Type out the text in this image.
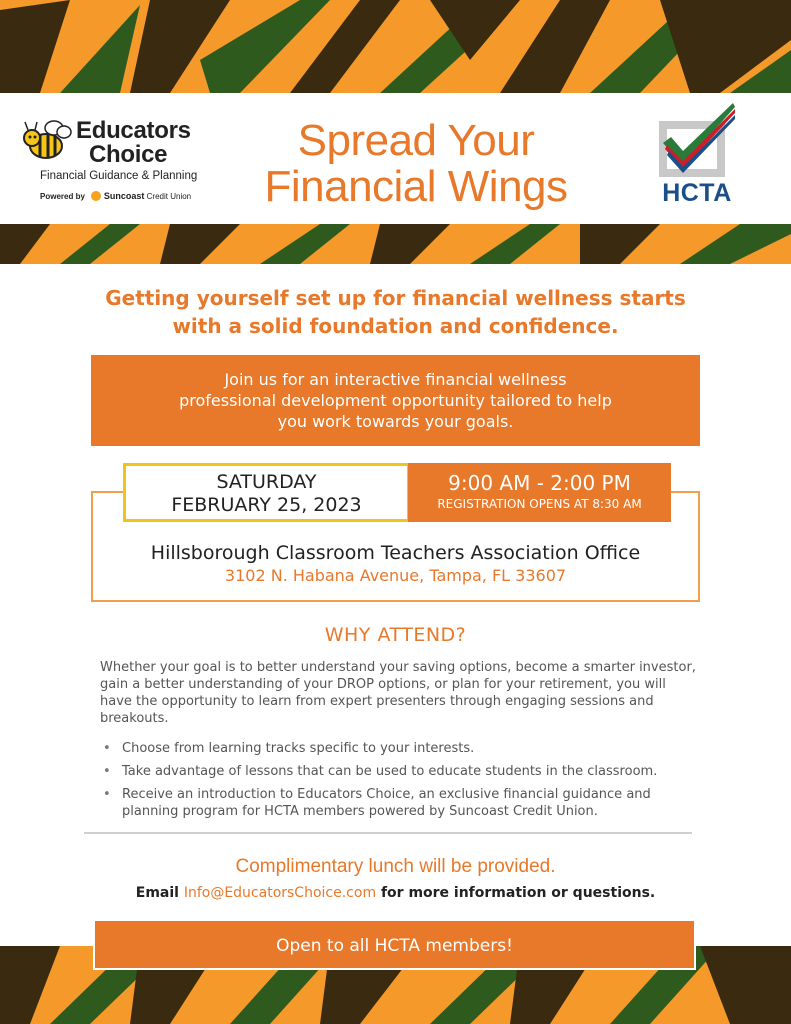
Educators
Choice
Financial Guidance & Planning
Powered by Suncoast
Credit Union
Spread Your
Financial Wings	HCTA
Getting yourself set up for financial wellness starts
with a solid foundation and confidence.
Join us for an interactive financial wellness
professional development opportunity tailored to help
you work towards your goals.
SATURDAY
FEBRUARY 25, 2023
9:00 AM - 2:00 PM
REGISTRATION OPENS AT 8:30 AM
Hillsborough Classroom Teachers Association Office
3102 N. Habana Avenue, Tampa, FL 33607
WHY ATTEND?
Whether your goal is to better understand your saving options, become a smarter investor, gain a better understanding of your DROP options, or plan for your retirement, you will have the opportunity to learn from expert presenters through engaging sessions and breakouts.
• Choose from learning tracks specific to your interests.
• Take advantage of lessons that can be used to educate students in the classroom.
• Receive an introduction to Educators Choice, an exclusive financial guidance and planning program for HCTA members powered by Suncoast Credit Union.
Complimentary lunch will be provided.
Email Info@EducatorsChoice.com for more information or questions.
Open to all HCTA members!
